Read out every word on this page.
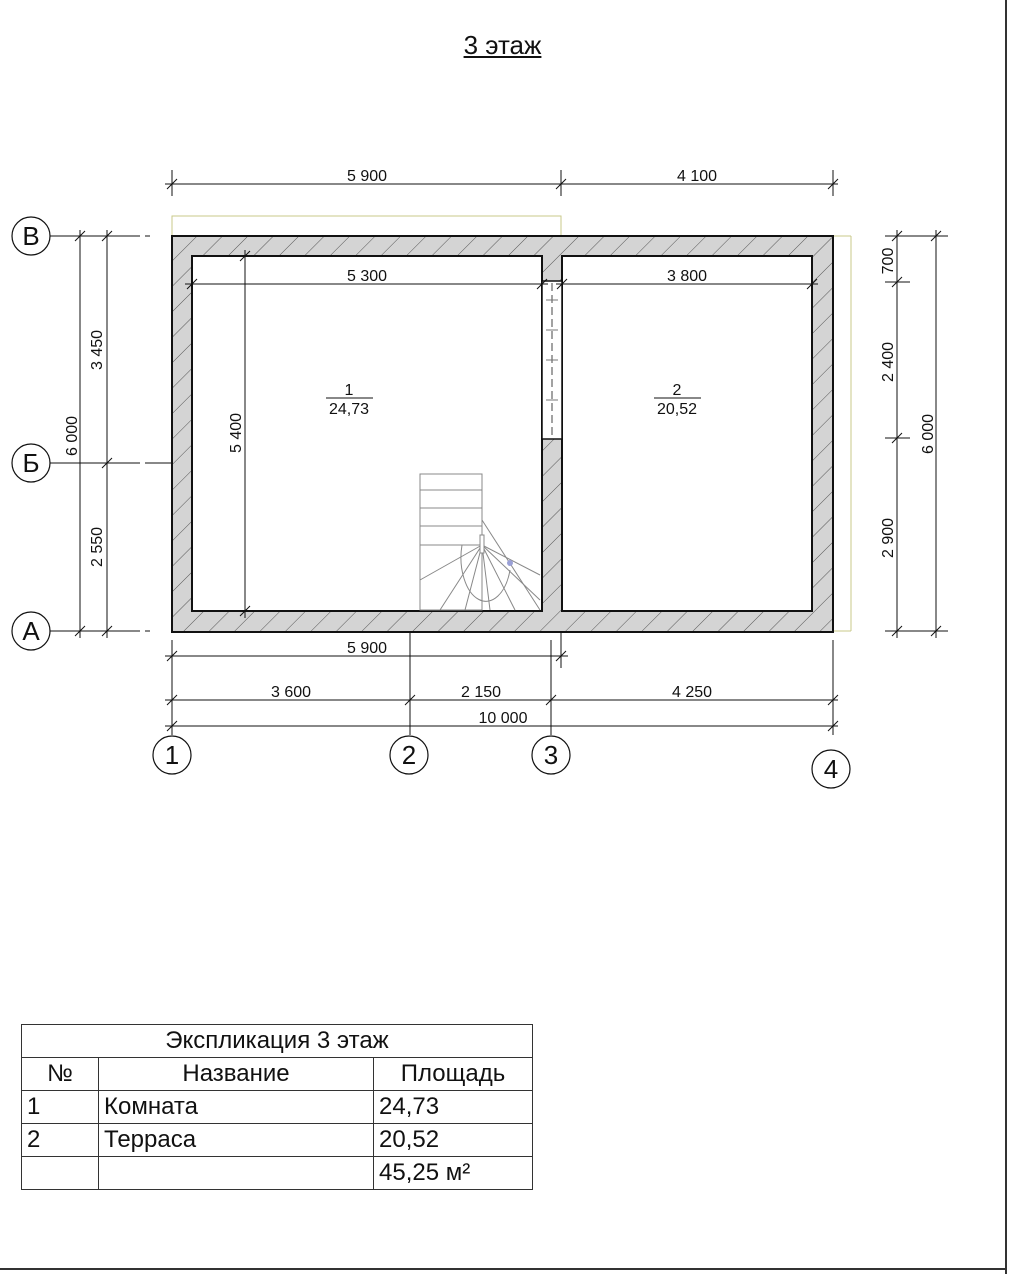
3 этаж
1
24,73
2
20,52
5 900	4 100
5 300	3 800
5 400
6 000
3 450
2 550
700
2 400
2 900
6 000
5 900
3 600	2 150	4 250
10 000
В
Б
А
1	2	3	4
Экспликация 3 этаж		
№	Название	Площадь
1	Комната	24,73
2	Терраса	20,52
		45,25 м²
